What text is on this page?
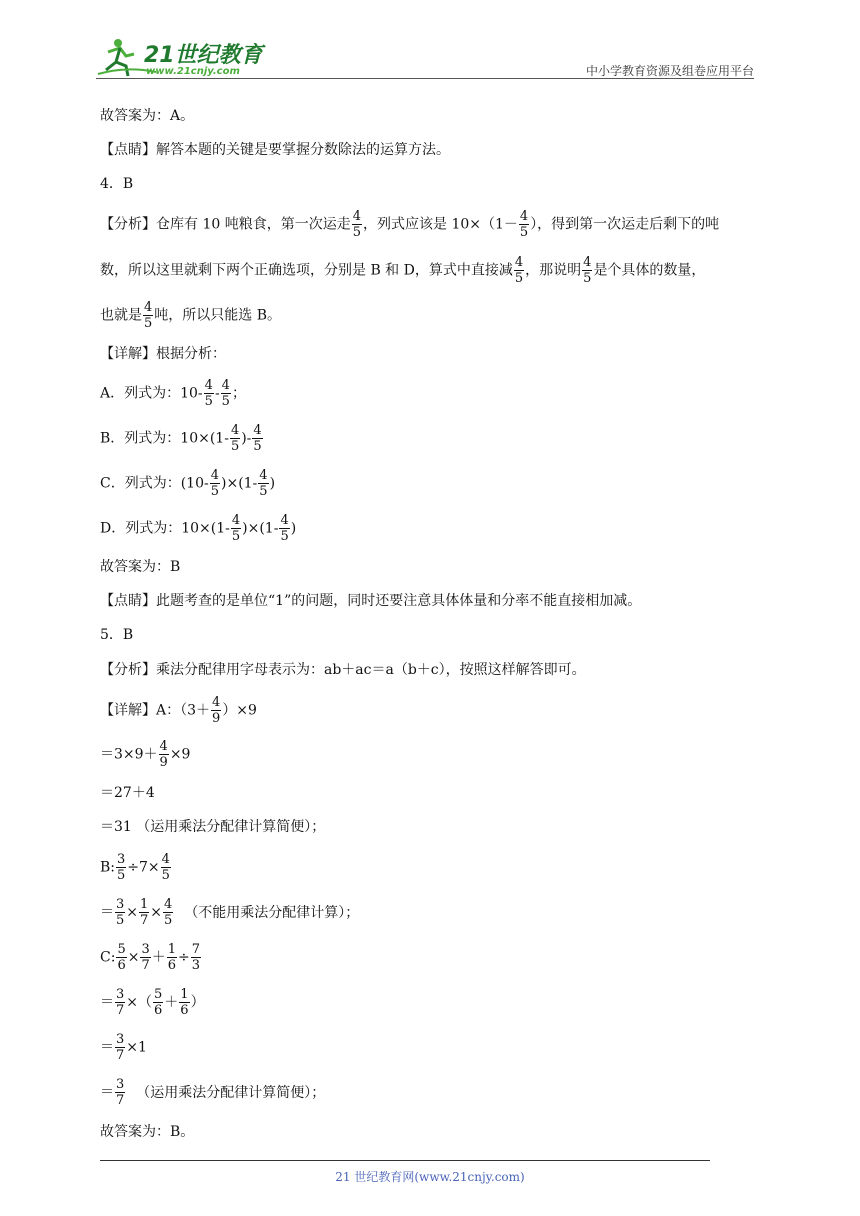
21世纪教育
www.21cnjy.com	中小学教育资源及组卷应用平台
故答案为：A。
【点睛】解答本题的关键是要掌握分数除法的运算方法。
4．B
【分析】仓库有 10 吨粮食，第一次运走 $\frac{4}{5}$ ，列式应该是 $10\times(1- \frac{4}{5}$ ），得到第一次运走后剩下的吨
数，所以这里就剩下两个正确选项，分别是 B 和 D，算式中直接减 $\frac{4}{5}$ ，那说明 $\frac{4}{5}$ 是个具体的数量，
也就是 $\frac{4}{5}$ 吨，所以只能选 B。
【详解】根据分析：
A．列式为：$10- \frac{4}{5} - \frac{4}{5}$ ；
B．列式为：$10\times(1- \frac{4}{5}$ )- $\frac{4}{5}$
C．列式为：$(10- \frac{4}{5} )\times(1- \frac{4}{5}$ )
D．列式为：$10\times(1- \frac{4}{5} )\times(1- \frac{4}{5}$ )
故答案为：B
【点睛】此题考查的是单位“1”的问题，同时还要注意具体体量和分率不能直接相加减。
5．B
【分析】乘法分配律用字母表示为：ab＋ac＝a（b＋c），按照这样解答即可。
【详解】A：$(3+ \frac{4}{9} )\times 9$
$=3\times 9+ \frac{4}{9} \times 9$
＝27＋4
＝31 （运用乘法分配律计算简便）；
B: $\frac{3}{5} \div 7\times \frac{4}{5}$
＝ $\frac{3}{5} \times \frac{1}{7} \times \frac{4}{5}$ （不能用乘法分配律计算）；
C: $\frac{5}{6} \times \frac{3}{7} + \frac{1}{6} \div \frac{7}{3}$
＝ $\frac{3}{7}$ ×（ $\frac{5}{6} + \frac{1}{6}$ ）
＝ $\frac{3}{7} \times 1$
＝ $\frac{3}{7}$ （运用乘法分配律计算简便）；
故答案为：B。
21 世纪教育网(www.21cnjy.com)
